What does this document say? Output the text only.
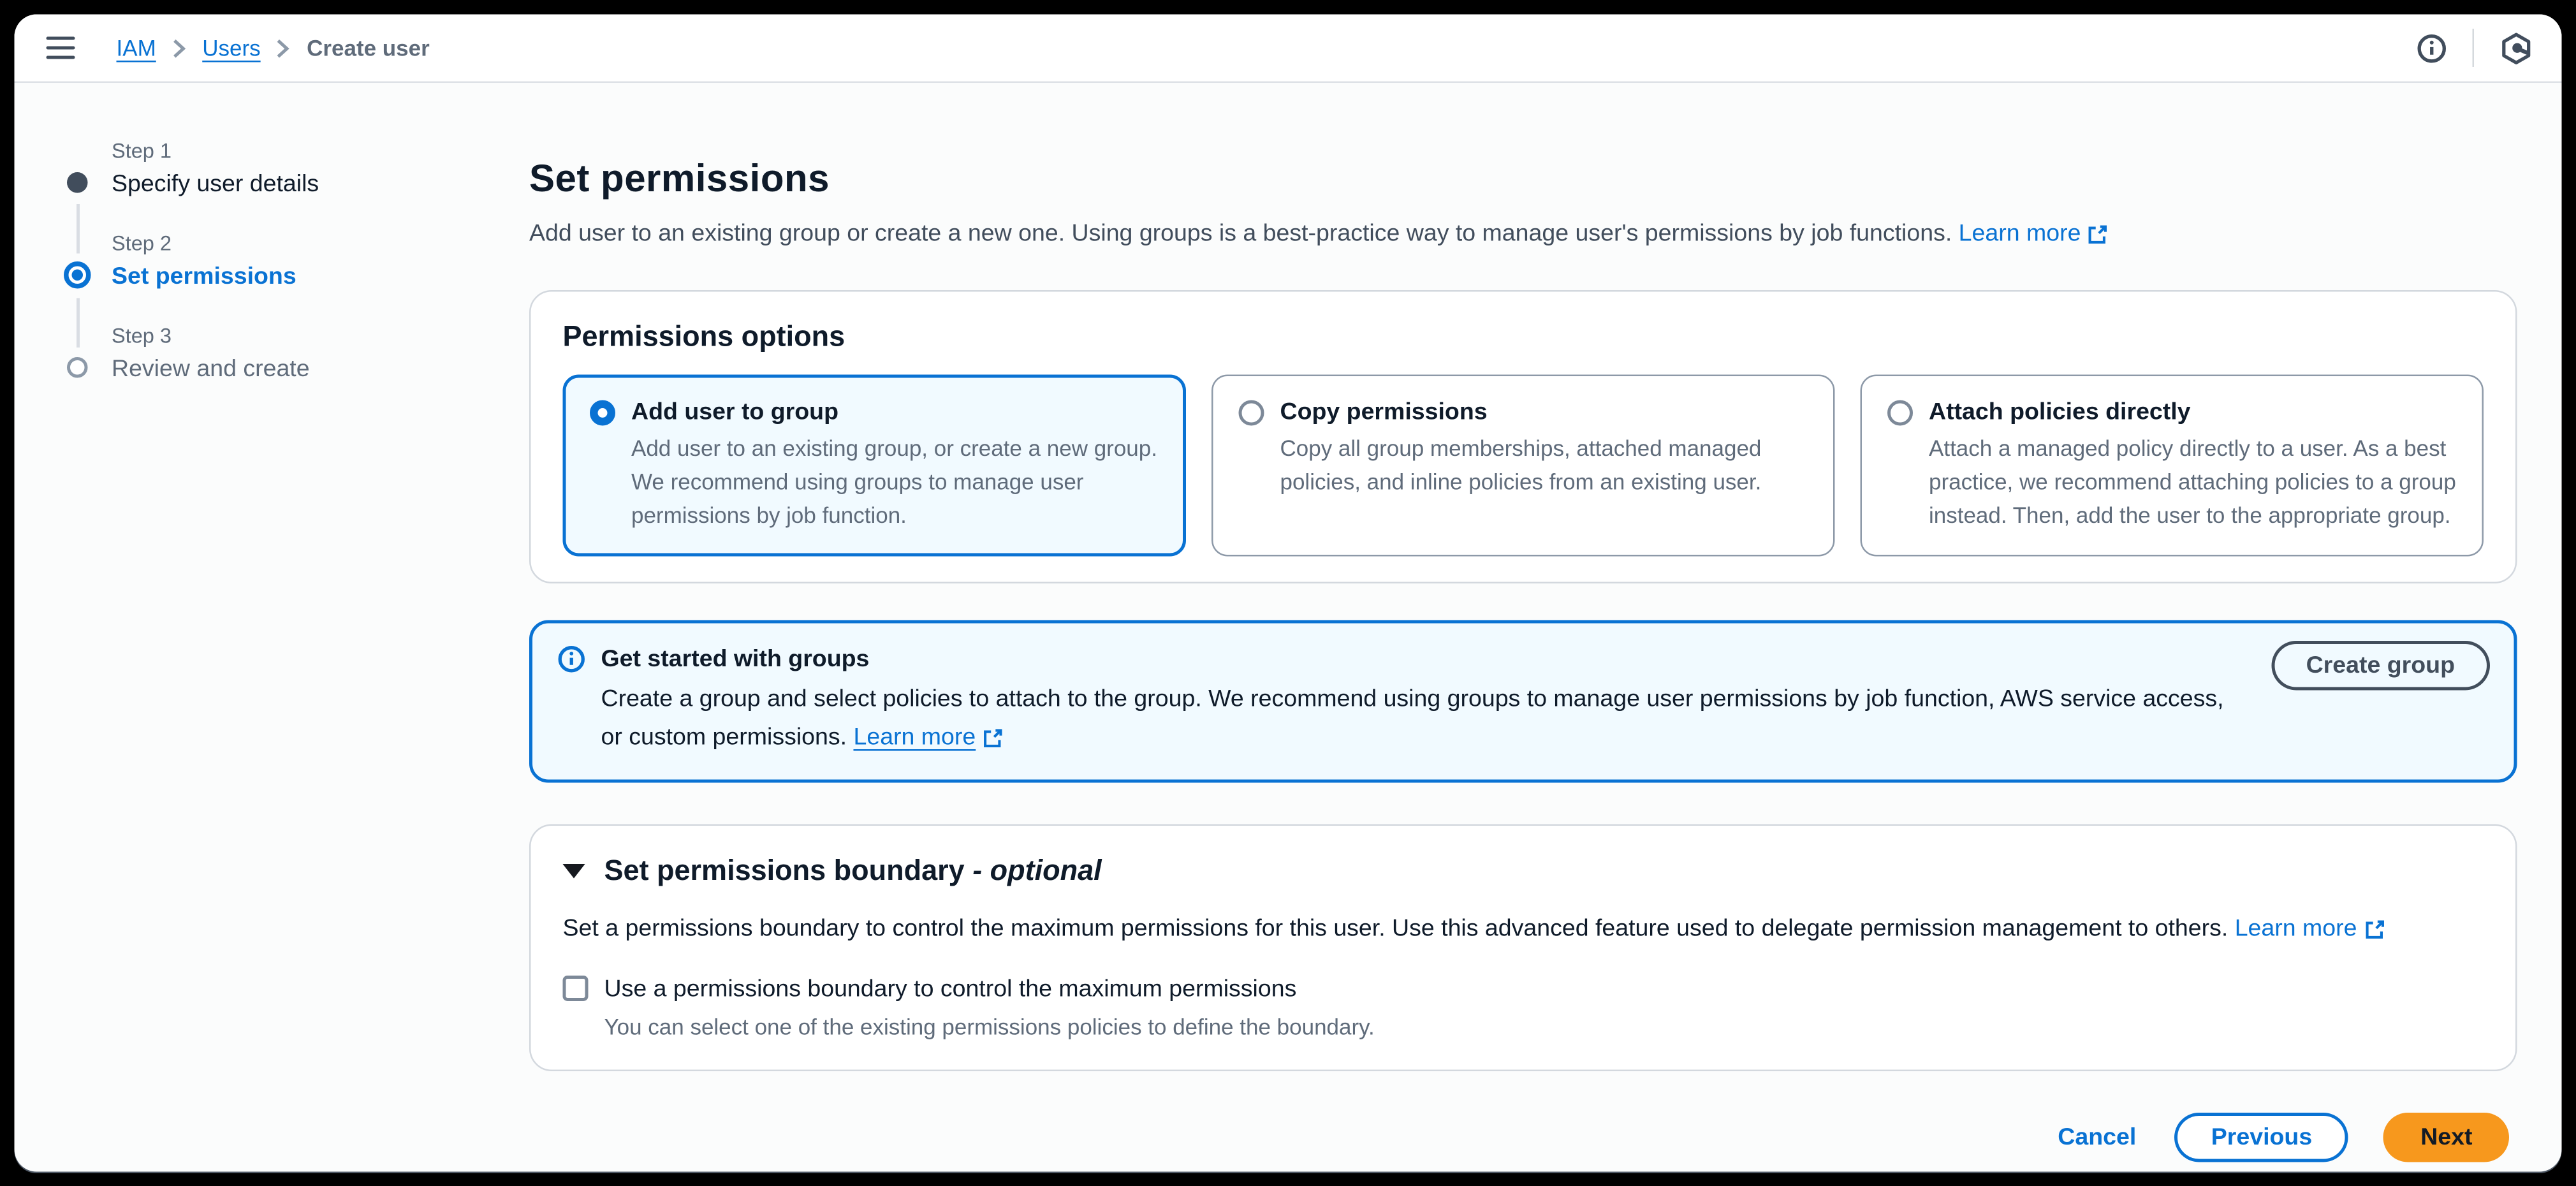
IAM	Users	Create user
Step 1
Specify user details
Step 2
Set permissions
Step 3
Review and create
Set permissions
Add user to an existing group or create a new one. Using groups is a best-practice way to manage user's permissions by job functions. Learn more
Permissions options
Add user to group
Add user to an existing group, or create a new group. We recommend using groups to manage user permissions by job function.
Copy permissions
Copy all group memberships, attached managed policies, and inline policies from an existing user.
Attach policies directly
Attach a managed policy directly to a user. As a best practice, we recommend attaching policies to a group instead. Then, add the user to the appropriate group.
Get started with groups
Create a group and select policies to attach to the group. We recommend using groups to manage user permissions by job function, AWS service access,
or custom permissions. Learn more
Create group
Set permissions boundary - optional
Set a permissions boundary to control the maximum permissions for this user. Use this advanced feature used to delegate permission management to others. Learn more
Use a permissions boundary to control the maximum permissions
You can select one of the existing permissions policies to define the boundary.
Cancel	Previous	Next
